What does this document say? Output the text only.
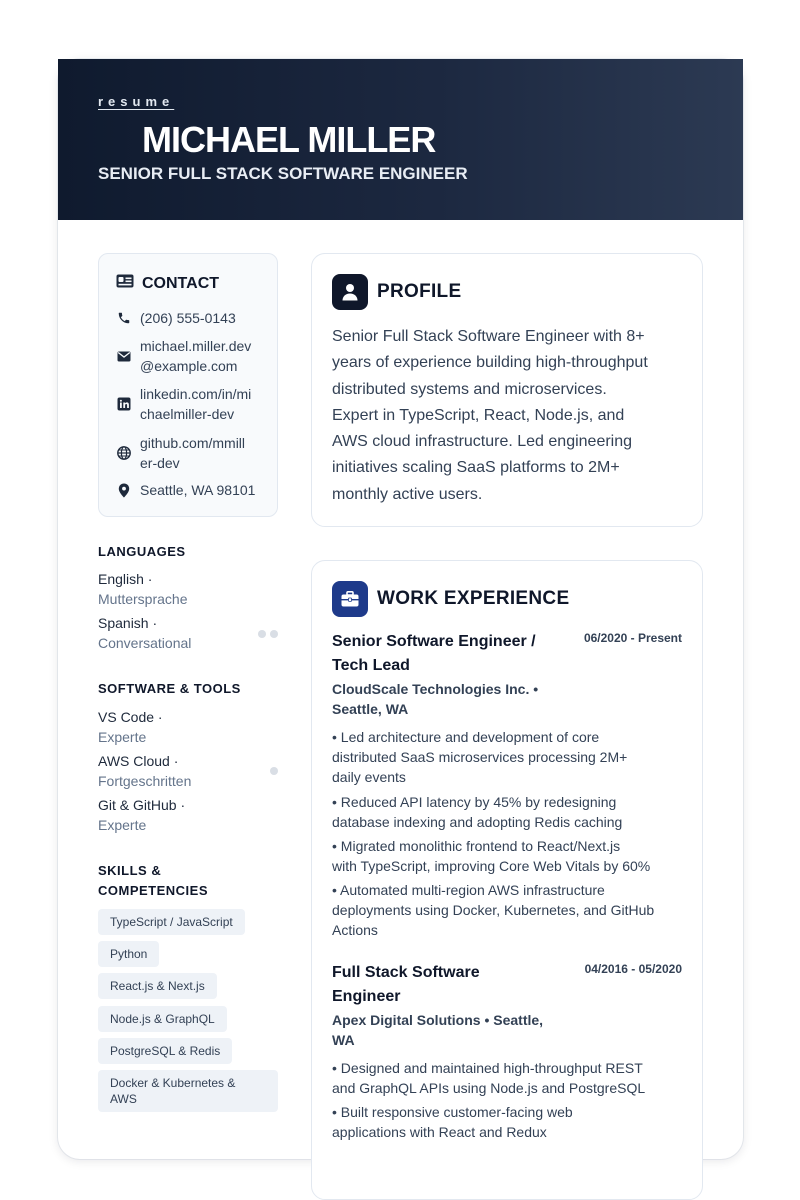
resume
MICHAEL MILLER
SENIOR FULL STACK SOFTWARE ENGINEER
CONTACT
(206) 555-0143
michael.miller.dev
@example.com
linkedin.com/in/mi
chaelmiller-dev
github.com/mmill
er-dev
Seattle, WA 98101
LANGUAGES
English ·
Muttersprache
Spanish ·
Conversational
SOFTWARE & TOOLS
VS Code ·
Experte
AWS Cloud ·
Fortgeschritten
Git & GitHub ·
Experte
SKILLS &
COMPETENCIES
TypeScript / JavaScript
Python
React.js & Next.js
Node.js & GraphQL
PostgreSQL & Redis
Docker & Kubernetes &
AWS
PROFILE
Senior Full Stack Software Engineer with 8+
years of experience building high-throughput
distributed systems and microservices.
Expert in TypeScript, React, Node.js, and
AWS cloud infrastructure. Led engineering
initiatives scaling SaaS platforms to 2M+
monthly active users.
WORK EXPERIENCE
Senior Software Engineer /
Tech Lead
06/2020 - Present
CloudScale Technologies Inc. •
Seattle, WA
• Led architecture and development of core
distributed SaaS microservices processing 2M+
daily events
• Reduced API latency by 45% by redesigning
database indexing and adopting Redis caching
• Migrated monolithic frontend to React/Next.js
with TypeScript, improving Core Web Vitals by 60%
• Automated multi-region AWS infrastructure
deployments using Docker, Kubernetes, and GitHub
Actions
Full Stack Software
Engineer
04/2016 - 05/2020
Apex Digital Solutions • Seattle,
WA
• Designed and maintained high-throughput REST
and GraphQL APIs using Node.js and PostgreSQL
• Built responsive customer-facing web
applications with React and Redux
